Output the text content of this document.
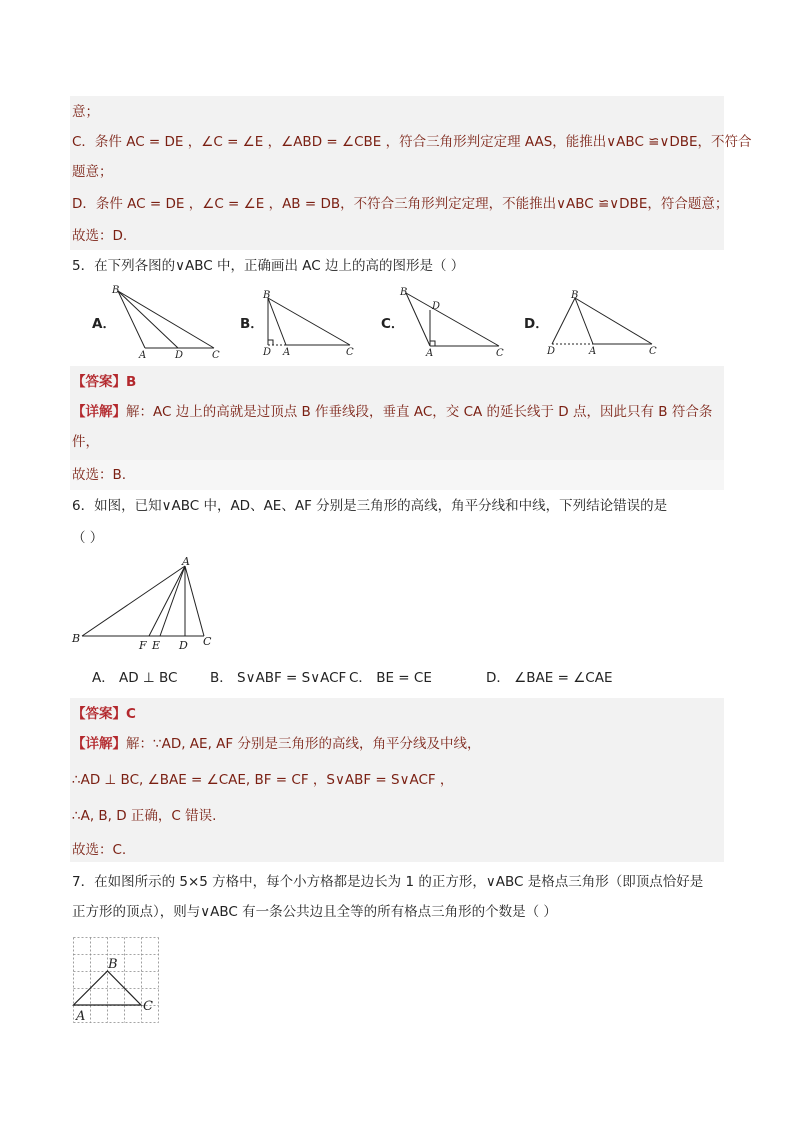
意；
C．条件 AC = DE ，∠C = ∠E ，∠ABD = ∠CBE ，符合三角形判定定理 AAS，能推出∨ABC ≌∨DBE，不符合
题意；
D．条件 AC = DE ，∠C = ∠E ，AB = DB，不符合三角形判定定理，不能推出∨ABC ≌∨DBE，符合题意；
故选：D.
5．在下列各图的∨ABC 中，正确画出 AC 边上的高的图形是（ ）
A．
B
A	D	C
B．
B
D A	C
C．
B
D
A	C
D．
B
D	A	C
【答案】B
【详解】解：AC 边上的高就是过顶点 B 作垂线段，垂直 AC，交 CA 的延长线于 D 点，因此只有 B 符合条
件，
故选：B.
6．如图，已知∨ABC 中，AD、AE、AF 分别是三角形的高线，角平分线和中线，下列结论错误的是
（ ）
A
B
F E D C
A． AD ⊥ BC B． S∨ABF = S∨ACF C． BE = CE	D． ∠BAE = ∠CAE
【答案】C
【详解】解：∵AD, AE, AF 分别是三角形的高线，角平分线及中线，
∴AD ⊥ BC, ∠BAE = ∠CAE, BF = CF ，S∨ABF = S∨ACF ，
∴A, B, D 正确，C 错误.
故选：C.
7．在如图所示的 5×5 方格中，每个小方格都是边长为 1 的正方形，∨ABC 是格点三角形（即顶点恰好是
正方形的顶点），则与∨ABC 有一条公共边且全等的所有格点三角形的个数是（ ）
B
C
A
